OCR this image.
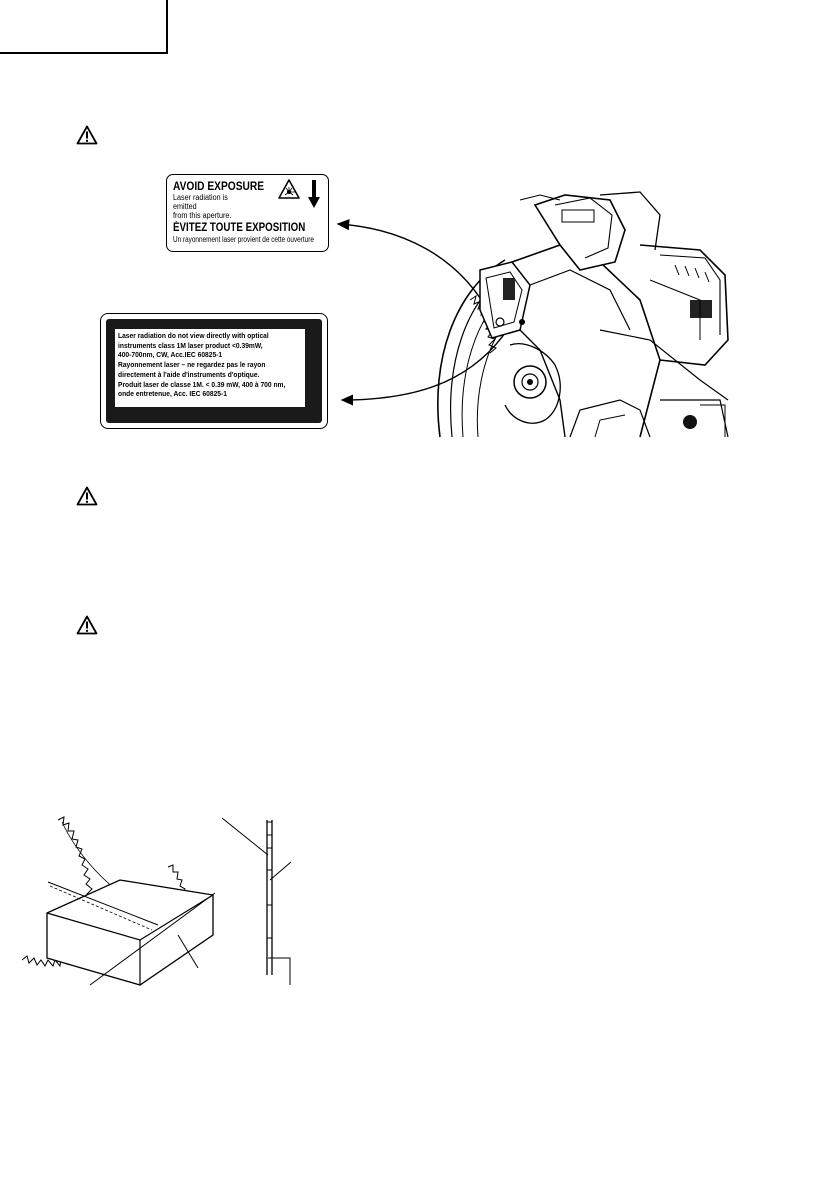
AVOID EXPOSURE
Laser radiation is emitted
from this aperture.
ÉVITEZ TOUTE EXPOSITION
Un rayonnement laser provient de cette ouverture
Laser radiation do not view directly with optical
instruments class 1M laser product <0.39mW,
400-700nm, CW, Acc.IEC 60825-1
Rayonnement laser – ne regardez pas le rayon
directement à l'aide d'instruments d'optique.
Produit laser de classe 1M. < 0.39 mW, 400 à 700 nm,
onde entretenue, Acc. IEC 60825-1
